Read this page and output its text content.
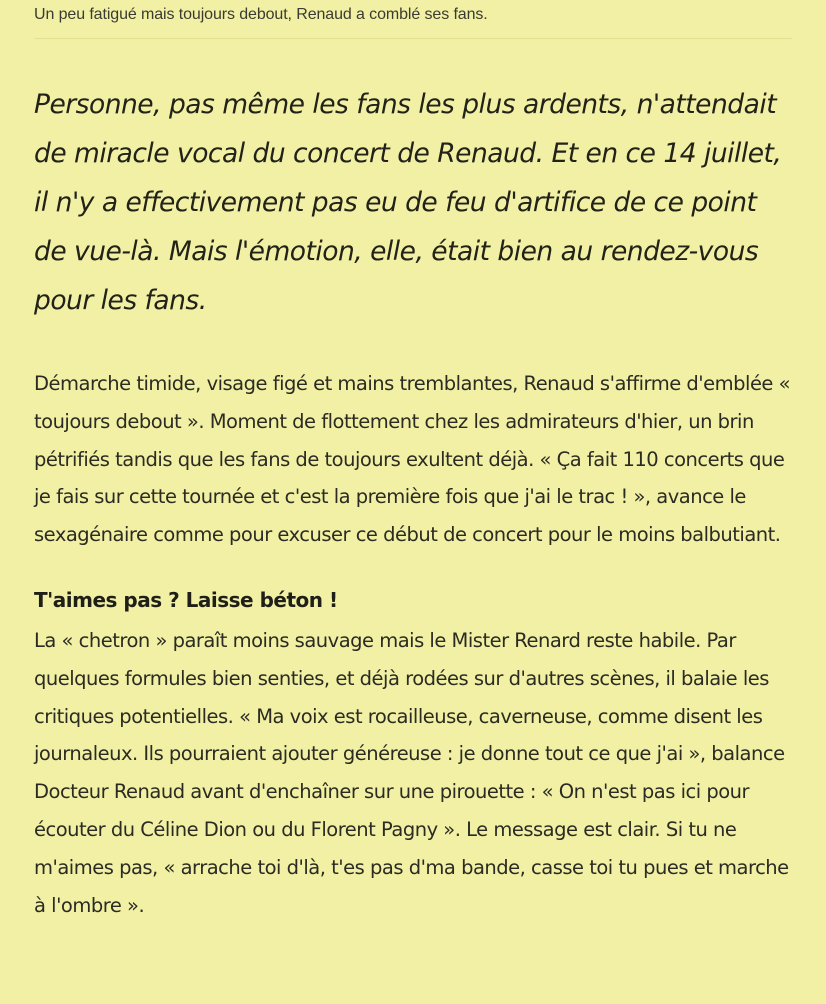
Un peu fatigué mais toujours debout, Renaud a comblé ses fans.

Personne, pas même les fans les plus ardents, n'attendait de miracle vocal du concert de Renaud. Et en ce 14 juillet, il n'y a effectivement pas eu de feu d'artifice de ce point de vue-là. Mais l'émotion, elle, était bien au rendez-vous pour les fans.

Démarche timide, visage figé et mains tremblantes, Renaud s'affirme d'emblée « toujours debout ». Moment de flottement chez les admirateurs d'hier, un brin pétrifiés tandis que les fans de toujours exultent déjà. « Ça fait 110 concerts que je fais sur cette tournée et c'est la première fois que j'ai le trac ! », avance le sexagénaire comme pour excuser ce début de concert pour le moins balbutiant.

T'aimes pas ? Laisse béton !

La « chetron » paraît moins sauvage mais le Mister Renard reste habile. Par quelques formules bien senties, et déjà rodées sur d'autres scènes, il balaie les critiques potentielles. « Ma voix est rocailleuse, caverneuse, comme disent les journaleux. Ils pourraient ajouter généreuse : je donne tout ce que j'ai », balance Docteur Renaud avant d'enchaîner sur une pirouette : « On n'est pas ici pour écouter du Céline Dion ou du Florent Pagny ». Le message est clair. Si tu ne m'aimes pas, « arrache toi d'là, t'es pas d'ma bande, casse toi tu pues et marche à l'ombre ».
